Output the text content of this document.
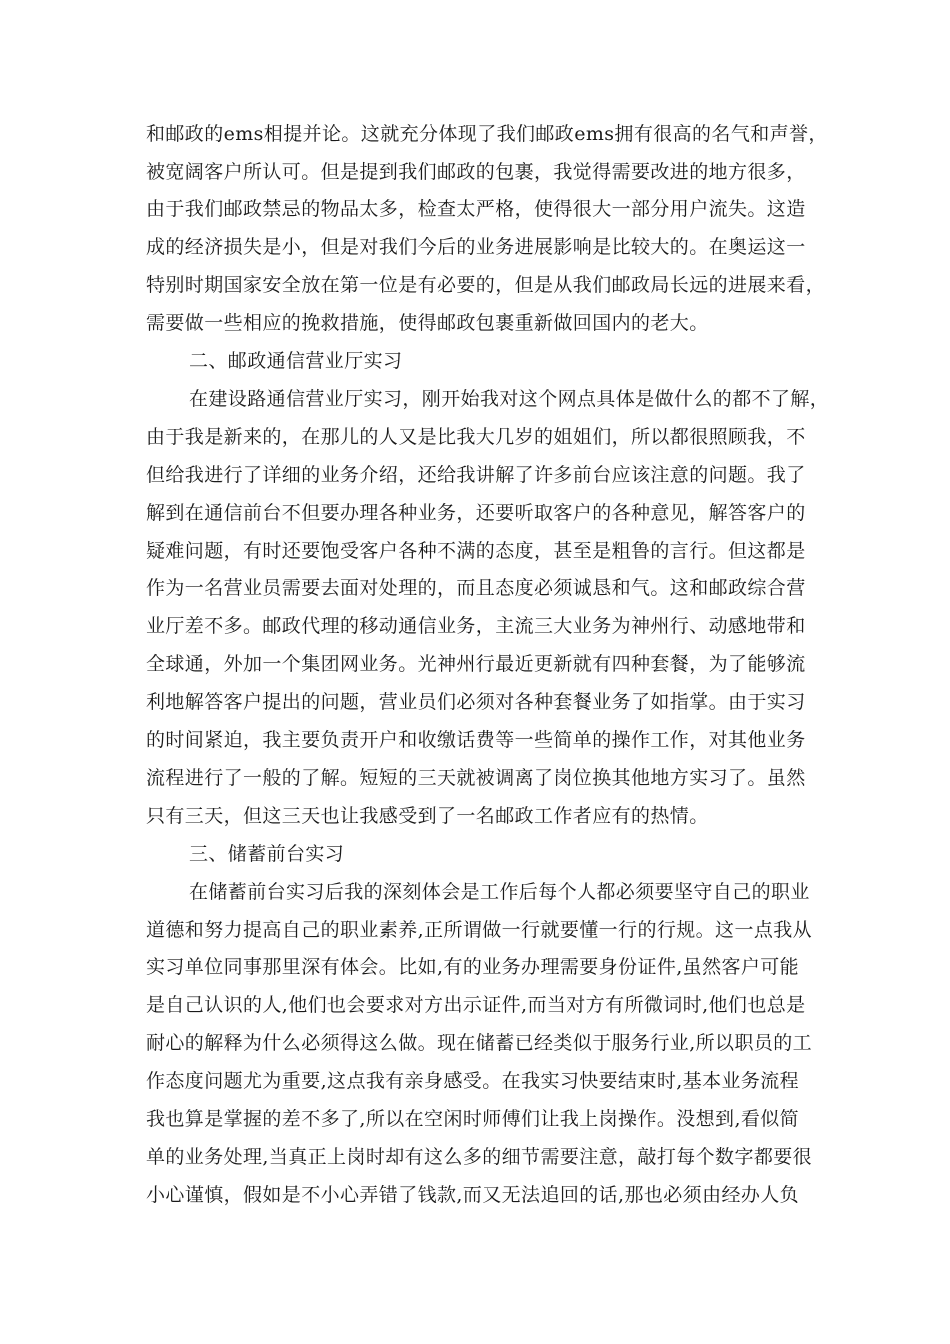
和邮政的ems相提并论。这就充分体现了我们邮政ems拥有很高的名气和声誉，
被宽阔客户所认可。但是提到我们邮政的包裹，我觉得需要改进的地方很多，
由于我们邮政禁忌的物品太多，检查太严格，使得很大一部分用户流失。这造
成的经济损失是小，但是对我们今后的业务进展影响是比较大的。在奥运这一
特别时期国家安全放在第一位是有必要的，但是从我们邮政局长远的进展来看，
需要做一些相应的挽救措施，使得邮政包裹重新做回国内的老大。
二、邮政通信营业厅实习
在建设路通信营业厅实习，刚开始我对这个网点具体是做什么的都不了解，
由于我是新来的，在那儿的人又是比我大几岁的姐姐们，所以都很照顾我，不
但给我进行了详细的业务介绍，还给我讲解了许多前台应该注意的问题。我了
解到在通信前台不但要办理各种业务，还要听取客户的各种意见，解答客户的
疑难问题，有时还要饱受客户各种不满的态度，甚至是粗鲁的言行。但这都是
作为一名营业员需要去面对处理的，而且态度必须诚恳和气。这和邮政综合营
业厅差不多。邮政代理的移动通信业务，主流三大业务为神州行、动感地带和
全球通，外加一个集团网业务。光神州行最近更新就有四种套餐，为了能够流
利地解答客户提出的问题，营业员们必须对各种套餐业务了如指掌。由于实习
的时间紧迫，我主要负责开户和收缴话费等一些简单的操作工作，对其他业务
流程进行了一般的了解。短短的三天就被调离了岗位换其他地方实习了。虽然
只有三天，但这三天也让我感受到了一名邮政工作者应有的热情。
三、储蓄前台实习
在储蓄前台实习后我的深刻体会是工作后每个人都必须要坚守自己的职业
道德和努力提高自己的职业素养,正所谓做一行就要懂一行的行规。这一点我从
实习单位同事那里深有体会。比如,有的业务办理需要身份证件,虽然客户可能
是自己认识的人,他们也会要求对方出示证件,而当对方有所微词时,他们也总是
耐心的解释为什么必须得这么做。现在储蓄已经类似于服务行业,所以职员的工
作态度问题尤为重要,这点我有亲身感受。在我实习快要结束时,基本业务流程
我也算是掌握的差不多了,所以在空闲时师傅们让我上岗操作。没想到,看似简
单的业务处理,当真正上岗时却有这么多的细节需要注意，敲打每个数字都要很
小心谨慎，假如是不小心弄错了钱款,而又无法追回的话,那也必须由经办人负
